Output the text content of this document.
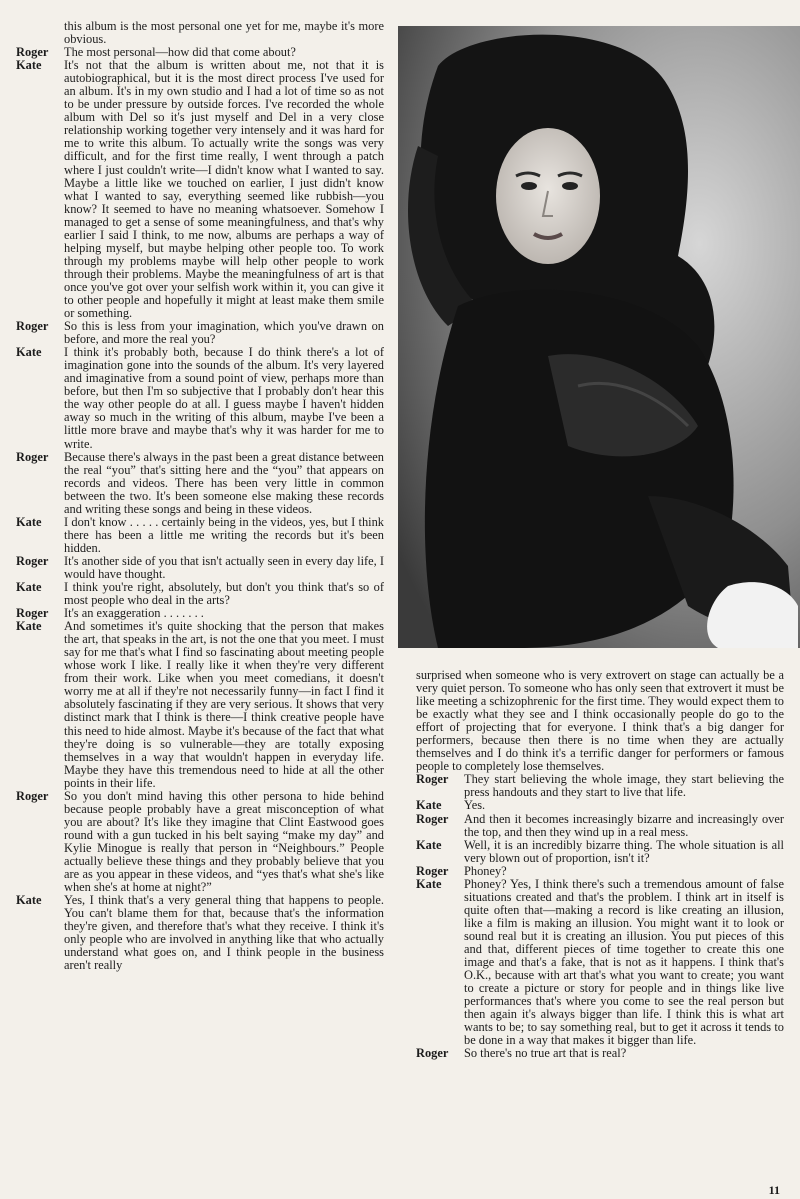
this album is the most personal one yet for me, maybe it's more obvious.
Roger	The most personal—how did that come about?
Kate	It's not that the album is written about me, not that it is autobiographical, but it is the most direct process I've used for an album. It's in my own studio and I had a lot of time so as not to be under pressure by outside forces. I've recorded the whole album with Del so it's just myself and Del in a very close relationship working together very intensely and it was hard for me to write this album. To actually write the songs was very difficult, and for the first time really, I went through a patch where I just couldn't write—I didn't know what I wanted to say. Maybe a little like we touched on earlier, I just didn't know what I wanted to say, everything seemed like rubbish—you know? It seemed to have no meaning whatsoever. Somehow I managed to get a sense of some meaningfulness, and that's why earlier I said I think, to me now, albums are perhaps a way of helping myself, but maybe helping other people too. To work through my problems maybe will help other people to work through their problems. Maybe the meaningfulness of art is that once you've got over your selfish work within it, you can give it to other people and hopefully it might at least make them smile or something.
Roger	So this is less from your imagination, which you've drawn on before, and more the real you?
Kate	I think it's probably both, because I do think there's a lot of imagination gone into the sounds of the album. It's very layered and imaginative from a sound point of view, perhaps more than before, but then I'm so subjective that I probably don't hear this the way other people do at all. I guess maybe I haven't hidden away so much in the writing of this album, maybe I've been a little more brave and maybe that's why it was harder for me to write.
Roger	Because there's always in the past been a great distance between the real “you” that's sitting here and the “you” that appears on records and videos. There has been very little in common between the two. It's been someone else making these records and writing these songs and being in these videos.
Kate	I don't know . . . . . certainly being in the videos, yes, but I think there has been a little me writing the records but it's been hidden.
Roger	It's another side of you that isn't actually seen in every day life, I would have thought.
Kate	I think you're right, absolutely, but don't you think that's so of most people who deal in the arts?
Roger	It's an exaggeration . . . . . . .
Kate	And sometimes it's quite shocking that the person that makes the art, that speaks in the art, is not the one that you meet. I must say for me that's what I find so fascinating about meeting people whose work I like. I really like it when they're very different from their work. Like when you meet comedians, it doesn't worry me at all if they're not necessarily funny—in fact I find it absolutely fascinating if they are very serious. It shows that very distinct mark that I think is there—I think creative people have this need to hide almost. Maybe it's because of the fact that what they're doing is so vulnerable—they are totally exposing themselves in a way that wouldn't happen in everyday life. Maybe they have this tremendous need to hide at all the other points in their life.
Roger	So you don't mind having this other persona to hide behind because people probably have a great misconception of what you are about? It's like they imagine that Clint Eastwood goes round with a gun tucked in his belt saying “make my day” and Kylie Minogue is really that person in “Neighbours.” People actually believe these things and they probably believe that you are as you appear in these videos, and “yes that's what she's like when she's at home at night?”
Kate	Yes, I think that's a very general thing that happens to people. You can't blame them for that, because that's the information they're given, and therefore that's what they receive. I think it's only people who are involved in anything like that who actually understand what goes on, and I think people in the business aren't really
surprised when someone who is very extrovert on stage can actually be a very quiet person. To someone who has only seen that extrovert it must be like meeting a schizophrenic for the first time. They would expect them to be exactly what they see and I think occasionally people do go to the effort of projecting that for everyone. I think that's a big danger for performers, because then there is no time when they are actually themselves and I do think it's a terrific danger for performers or famous people to completely lose themselves.
Roger	They start believing the whole image, they start believing the press handouts and they start to live that life.
Kate	Yes.
Roger	And then it becomes increasingly bizarre and increasingly over the top, and then they wind up in a real mess.
Kate	Well, it is an incredibly bizarre thing. The whole situation is all very blown out of proportion, isn't it?
Roger	Phoney?
Kate	Phoney? Yes, I think there's such a tremendous amount of false situations created and that's the problem. I think art in itself is quite often that—making a record is like creating an illusion, like a film is making an illusion. You might want it to look or sound real but it is creating an illusion. You put pieces of this and that, different pieces of time together to create this one image and that's a fake, that is not as it happens. I think that's O.K., because with art that's what you want to create; you want to create a picture or story for people and in things like live performances that's where you come to see the real person but then again it's always bigger than life. I think this is what art wants to be; to say something real, but to get it across it tends to be done in a way that makes it bigger than life.
Roger	So there's no true art that is real?
11
